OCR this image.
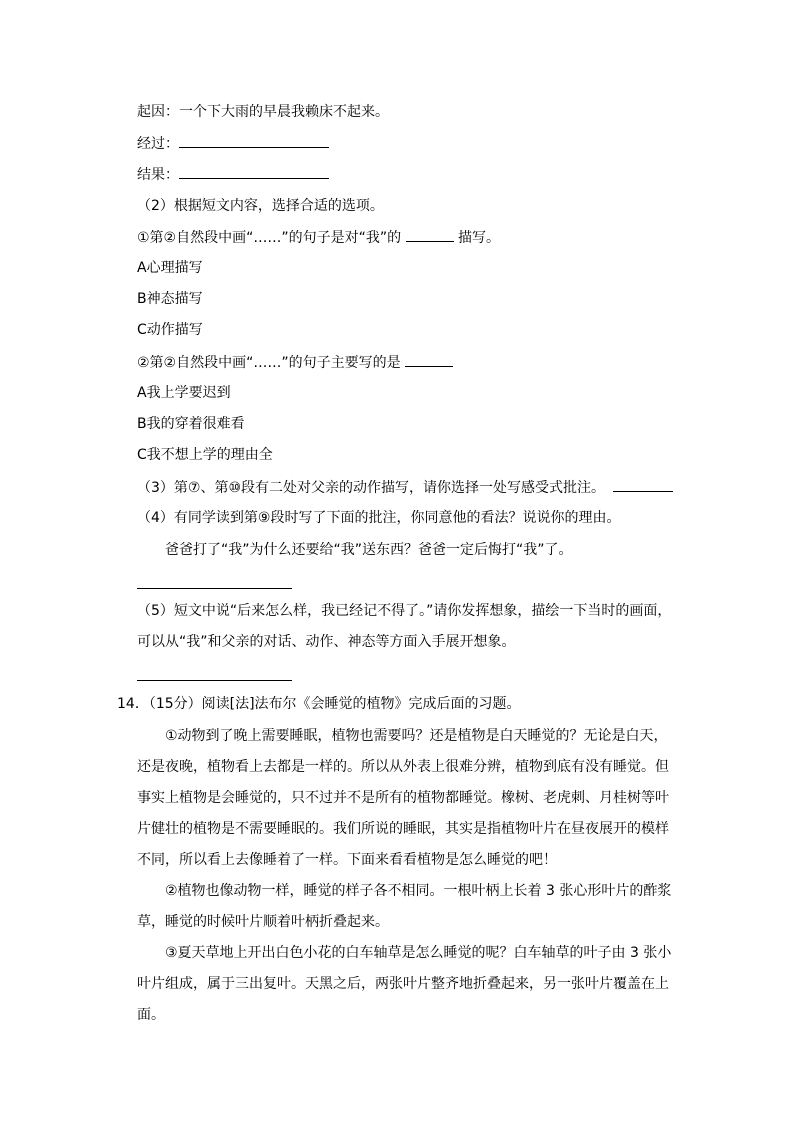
起因：一个下大雨的早晨我赖床不起来。
经过：
结果：
（2）根据短文内容，选择合适的选项。
①第②自然段中画“……”的句子是对“我”的	描写。
A心理描写
B神态描写
C动作描写
②第②自然段中画“……”的句子主要写的是
A我上学要迟到
B我的穿着很难看
C我不想上学的理由全
（3）第⑦、第⑩段有二处对父亲的动作描写，请你选择一处写感受式批注。
（4）有同学读到第⑨段时写了下面的批注，你同意他的看法？说说你的理由。
爸爸打了“我”为什么还要给“我”送东西？爸爸一定后悔打“我”了。
（5）短文中说“后来怎么样，我已经记不得了。”请你发挥想象，描绘一下当时的画面，
可以从“我”和父亲的对话、动作、神态等方面入手展开想象。
14．（15分）阅读[法]法布尔《会睡觉的植物》完成后面的习题。
①动物到了晚上需要睡眠，植物也需要吗？还是植物是白天睡觉的？无论是白天，
还是夜晚，植物看上去都是一样的。所以从外表上很难分辨，植物到底有没有睡觉。但
事实上植物是会睡觉的，只不过并不是所有的植物都睡觉。橡树、老虎刺、月桂树等叶
片健壮的植物是不需要睡眠的。我们所说的睡眠，其实是指植物叶片在昼夜展开的模样
不同，所以看上去像睡着了一样。下面来看看植物是怎么睡觉的吧！
②植物也像动物一样，睡觉的样子各不相同。一根叶柄上长着 3 张心形叶片的酢浆
草，睡觉的时候叶片顺着叶柄折叠起来。
③夏天草地上开出白色小花的白车轴草是怎么睡觉的呢？白车轴草的叶子由 3 张小
叶片组成，属于三出复叶。天黑之后，两张叶片整齐地折叠起来，另一张叶片覆盖在上
面。
